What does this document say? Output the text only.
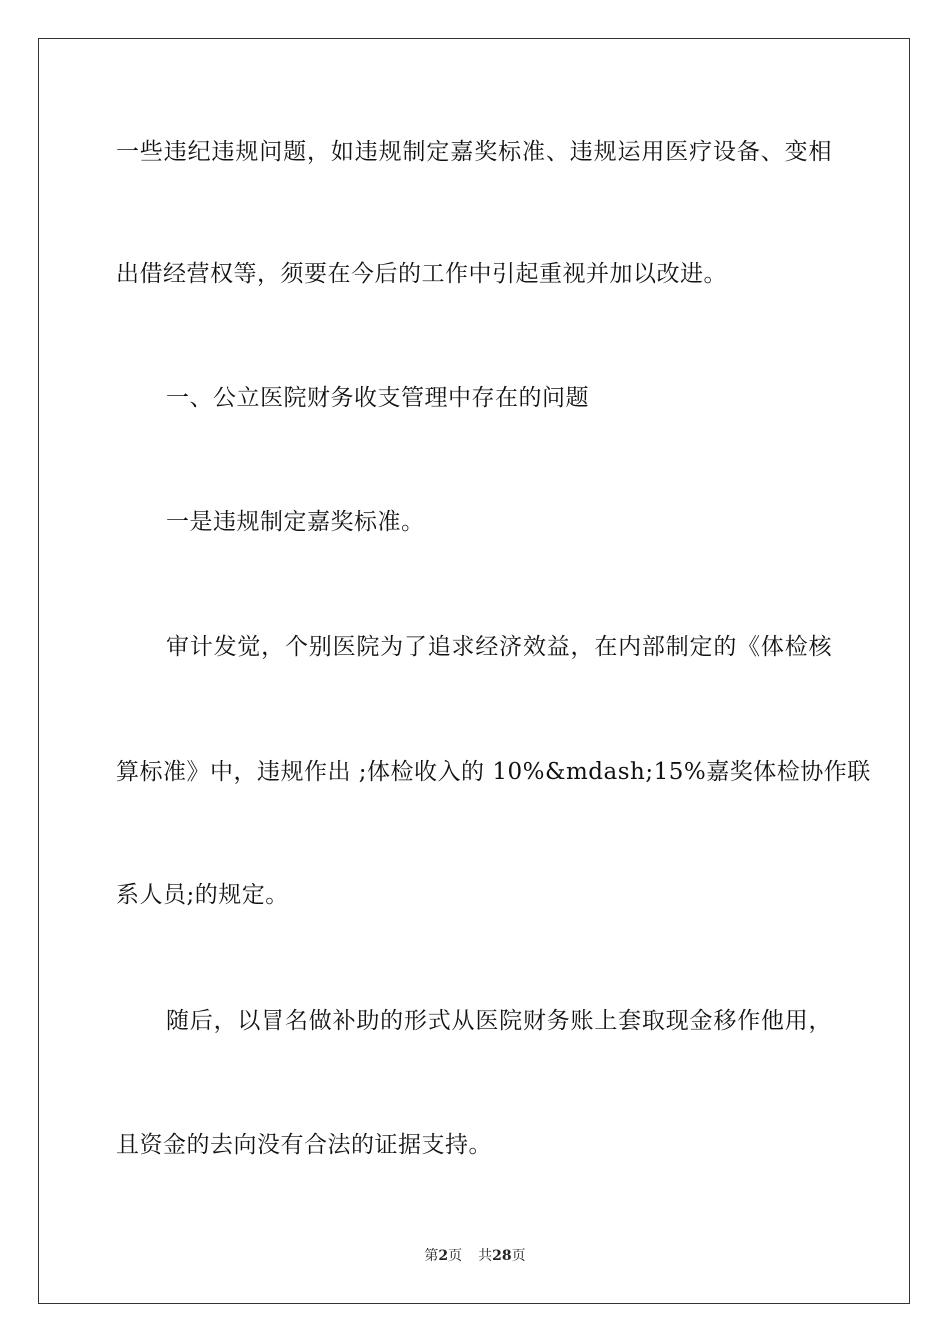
一些违纪违规问题，如违规制定嘉奖标准、违规运用医疗设备、变相
出借经营权等，须要在今后的工作中引起重视并加以改进。
一、公立医院财务收支管理中存在的问题
一是违规制定嘉奖标准。
审计发觉，个别医院为了追求经济效益，在内部制定的《体检核
算标准》中，违规作出 ;体检收入的 10%&mdash;15%嘉奖体检协作联
系人员;的规定。
随后，以冒名做补助的形式从医院财务账上套取现金移作他用，
且资金的去向没有合法的证据支持。
第2页 共28页
